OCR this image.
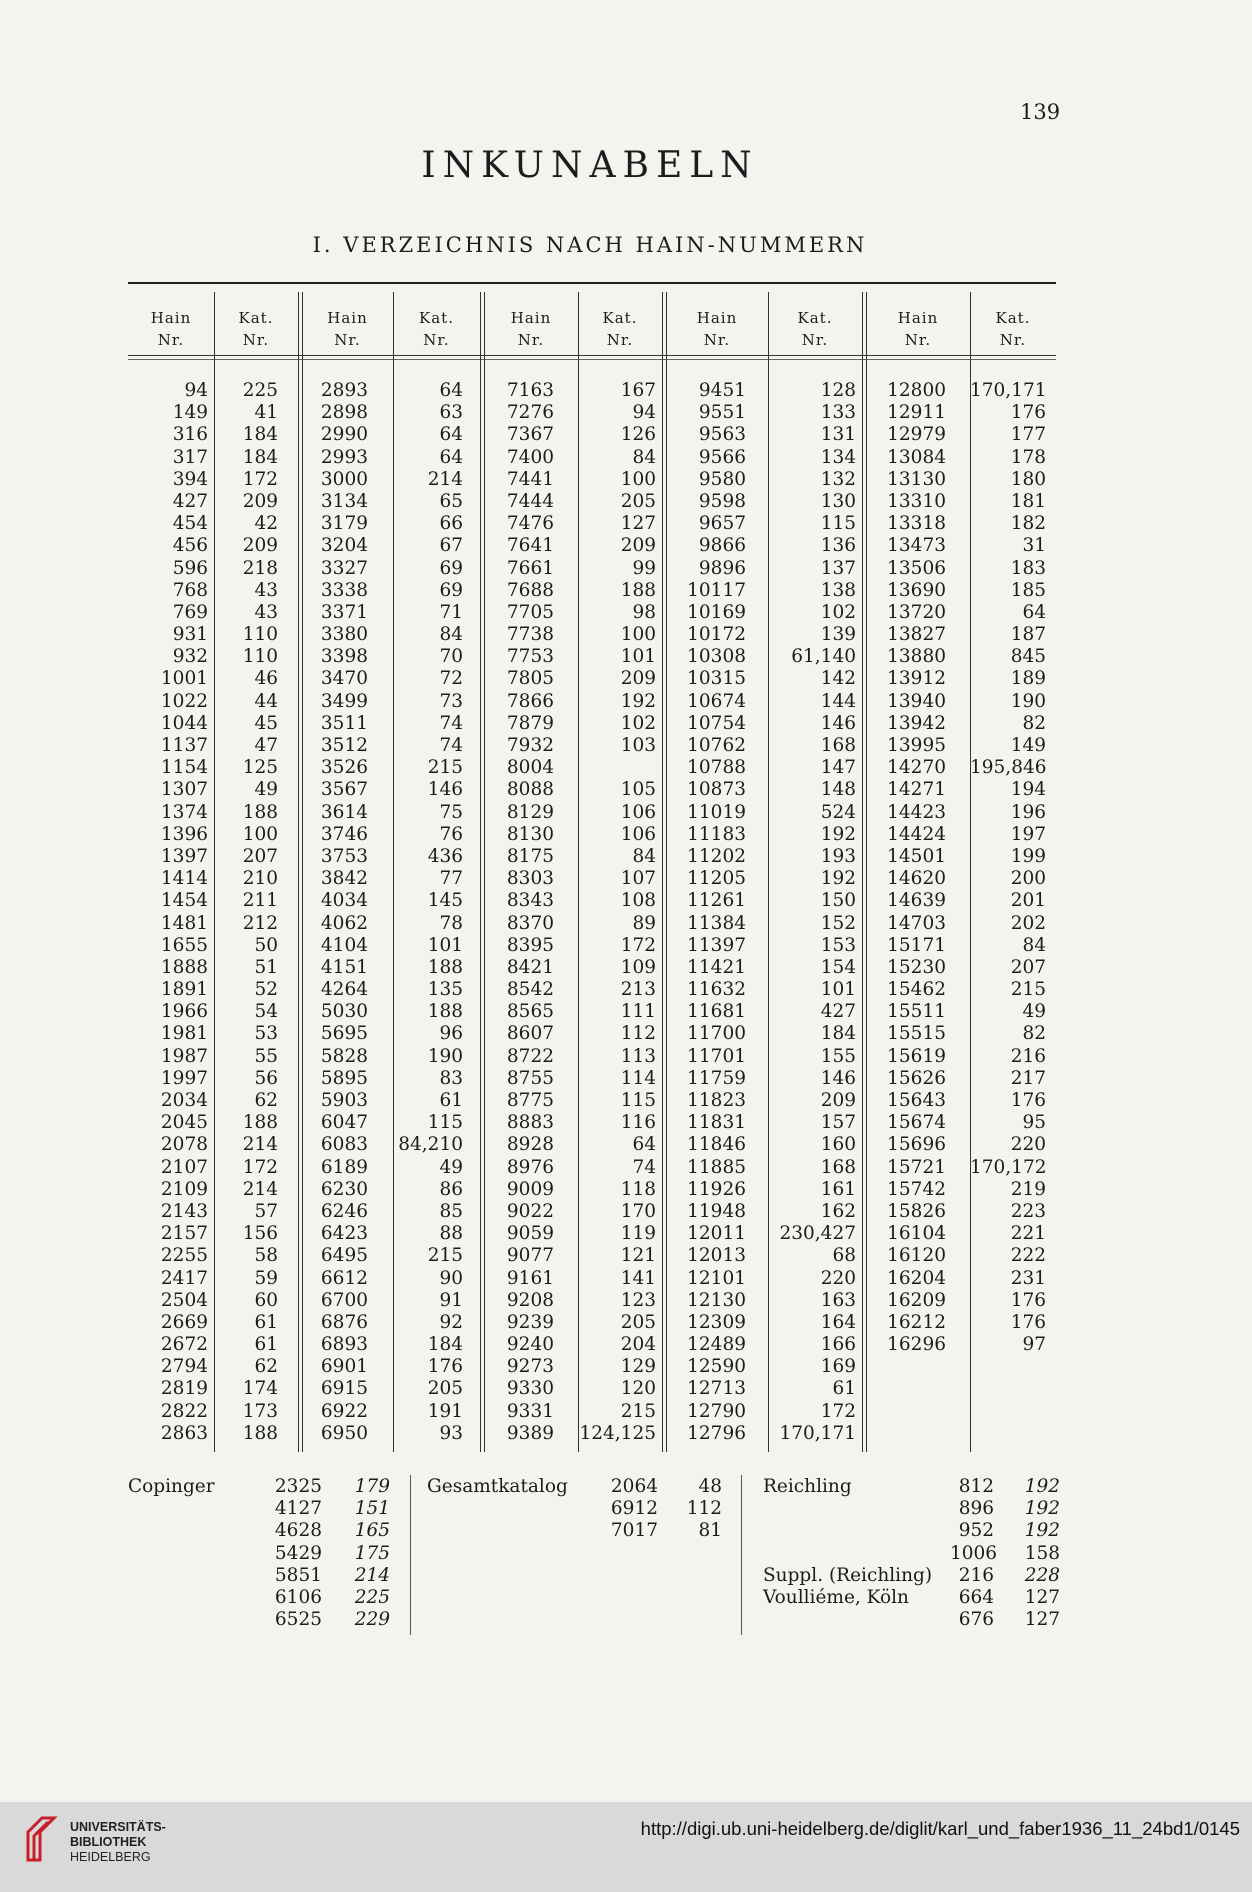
139
INKUNABELN
I. VERZEICHNIS NACH HAIN-NUMMERN
Hain
Nr.
Kat.
Nr.
Hain
Nr.
Kat.
Nr.
Hain
Nr.
Kat.
Nr.
Hain
Nr.
Kat.
Nr.
Hain
Nr.
Kat.
Nr.
94
149
316
317
394
427
454
456
596
768
769
931
932
1001
1022
1044
1137
1154
1307
1374
1396
1397
1414
1454
1481
1655
1888
1891
1966
1981
1987
1997
2034
2045
2078
2107
2109
2143
2157
2255
2417
2504
2669
2672
2794
2819
2822
2863
225
41
184
184
172
209
42
209
218
43
43
110
110
46
44
45
47
125
49
188
100
207
210
211
212
50
51
52
54
53
55
56
62
188
214
172
214
57
156
58
59
60
61
61
62
174
173
188
2893
2898
2990
2993
3000
3134
3179
3204
3327
3338
3371
3380
3398
3470
3499
3511
3512
3526
3567
3614
3746
3753
3842
4034
4062
4104
4151
4264
5030
5695
5828
5895
5903
6047
6083
6189
6230
6246
6423
6495
6612
6700
6876
6893
6901
6915
6922
6950
64
63
64
64
214
65
66
67
69
69
71
84
70
72
73
74
74
215
146
75
76
436
77
145
78
101
188
135
188
96
190
83
61
115
84,210
49
86
85
88
215
90
91
92
184
176
205
191
93
7163
7276
7367
7400
7441
7444
7476
7641
7661
7688
7705
7738
7753
7805
7866
7879
7932
8004
8088
8129
8130
8175
8303
8343
8370
8395
8421
8542
8565
8607
8722
8755
8775
8883
8928
8976
9009
9022
9059
9077
9161
9208
9239
9240
9273
9330
9331
9389
167
94
126
84
100
205
127
209
99
188
98
100
101
209
192
102
103
105
106
106
84
107
108
89
172
109
213
111
112
113
114
115
116
64
74
118
170
119
121
141
123
205
204
129
120
215
124,125
9451
9551
9563
9566
9580
9598
9657
9866
9896
10117
10169
10172
10308
10315
10674
10754
10762
10788
10873
11019
11183
11202
11205
11261
11384
11397
11421
11632
11681
11700
11701
11759
11823
11831
11846
11885
11926
11948
12011
12013
12101
12130
12309
12489
12590
12713
12790
12796
128
133
131
134
132
130
115
136
137
138
102
139
61,140
142
144
146
168
147
148
524
192
193
192
150
152
153
154
101
427
184
155
146
209
157
160
168
161
162
230,427
68
220
163
164
166
169
61
172
170,171
12800
12911
12979
13084
13130
13310
13318
13473
13506
13690
13720
13827
13880
13912
13940
13942
13995
14270
14271
14423
14424
14501
14620
14639
14703
15171
15230
15462
15511
15515
15619
15626
15643
15674
15696
15721
15742
15826
16104
16120
16204
16209
16212
16296
170,171
176
177
178
180
181
182
31
183
185
64
187
845
189
190
82
149
195,846
194
196
197
199
200
201
202
84
207
215
49
82
216
217
176
95
220
170,172
219
223
221
222
231
176
176
97
Copinger	2325
4127
4628
5429
5851
6106
6525
179
151
165
175
214
225
229
Gesamtkatalog	2064
6912
7017
48
112
81
Reichling
Suppl. (Reichling)
Voulliéme, Köln
812
896
952
1006
216
664
676
192
192
192
158
228
127
127
UNIVERSITÄTS-
BIBLIOTHEK
HEIDELBERG
http://digi.ub.uni-heidelberg.de/diglit/karl_und_faber1936_11_24bd1/0145
